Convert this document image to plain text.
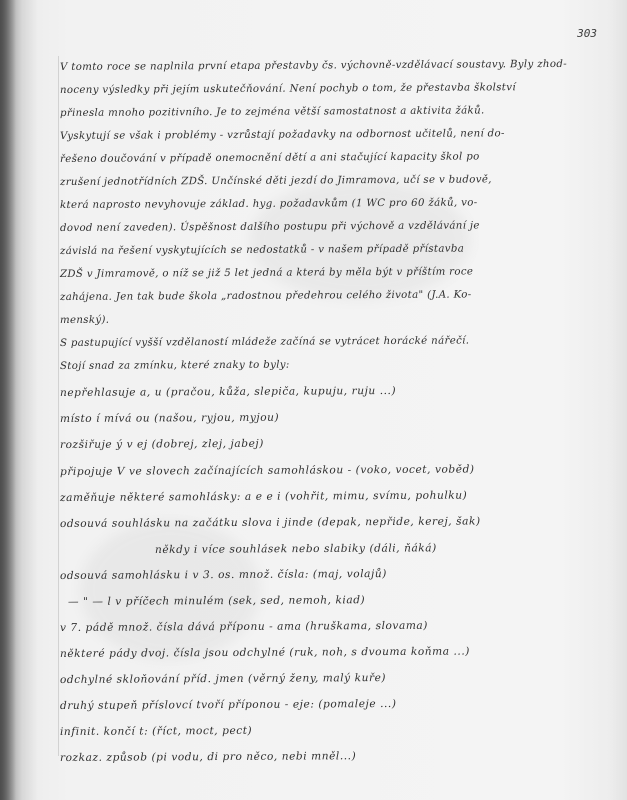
303
V tomto roce se naplnila první etapa přestavby čs. výchovně-vzdělávací soustavy. Byly zhod-
noceny výsledky při jejím uskutečňování. Není pochyb o tom, že přestavba školství
přinesla mnoho pozitivního. Je to zejména větší samostatnost a aktivita žáků.
Vyskytují se však i problémy - vzrůstají požadavky na odbornost učitelů, není do-
řešeno doučování v případě onemocnění dětí a ani stačující kapacity škol po
zrušení jednotřídních ZDŠ. Unčínské děti jezdí do Jimramova, učí se v budově,
která naprosto nevyhovuje základ. hyg. požadavkům (1 WC pro 60 žáků, vo-
dovod není zaveden). Úspěšnost dalšího postupu při výchově a vzdělávání je
závislá na řešení vyskytujících se nedostatků - v našem případě přístavba
ZDŠ v Jimramově, o níž se již 5 let jedná a která by měla být v příštím roce
zahájena. Jen tak bude škola „radostnou předehrou celého života" (J.A. Ko-
menský).
S pastupující vyšší vzdělaností mládeže začíná se vytrácet horácké nářečí.
Stojí snad za zmínku, které znaky to byly:
nepřehlasuje a, u (pračou, kůža, slepiča, kupuju, ruju ...)
místo í mívá ou (našou, ryjou, myjou)
rozšiřuje ý v ej (dobrej, zlej, jabej)
připojuje V ve slovech začínajících samohláskou - (voko, vocet, voběd)
zaměňuje některé samohlásky: a e e i (vohřit, mimu, svímu, pohulku)
odsouvá souhlásku na začátku slova i jinde (depak, nepřide, kerej, šak)
někdy i více souhlásek nebo slabiky (dáli, ňáká)
odsouvá samohlásku i v 3. os. množ. čísla: (maj, volajů)
— " — l v příčech minulém (sek, sed, nemoh, kiad)
v 7. pádě množ. čísla dává příponu - ama (hruškama, slovama)
některé pády dvoj. čísla jsou odchylné (ruk, noh, s dvouma koňma ...)
odchylné skloňování příd. jmen (věrný ženy, malý kuře)
druhý stupeň příslovcí tvoří příponou - eje: (pomaleje ...)
infinit. končí t: (říct, moct, pect)
rozkaz. způsob (pi vodu, di pro něco, nebi mněl...)
